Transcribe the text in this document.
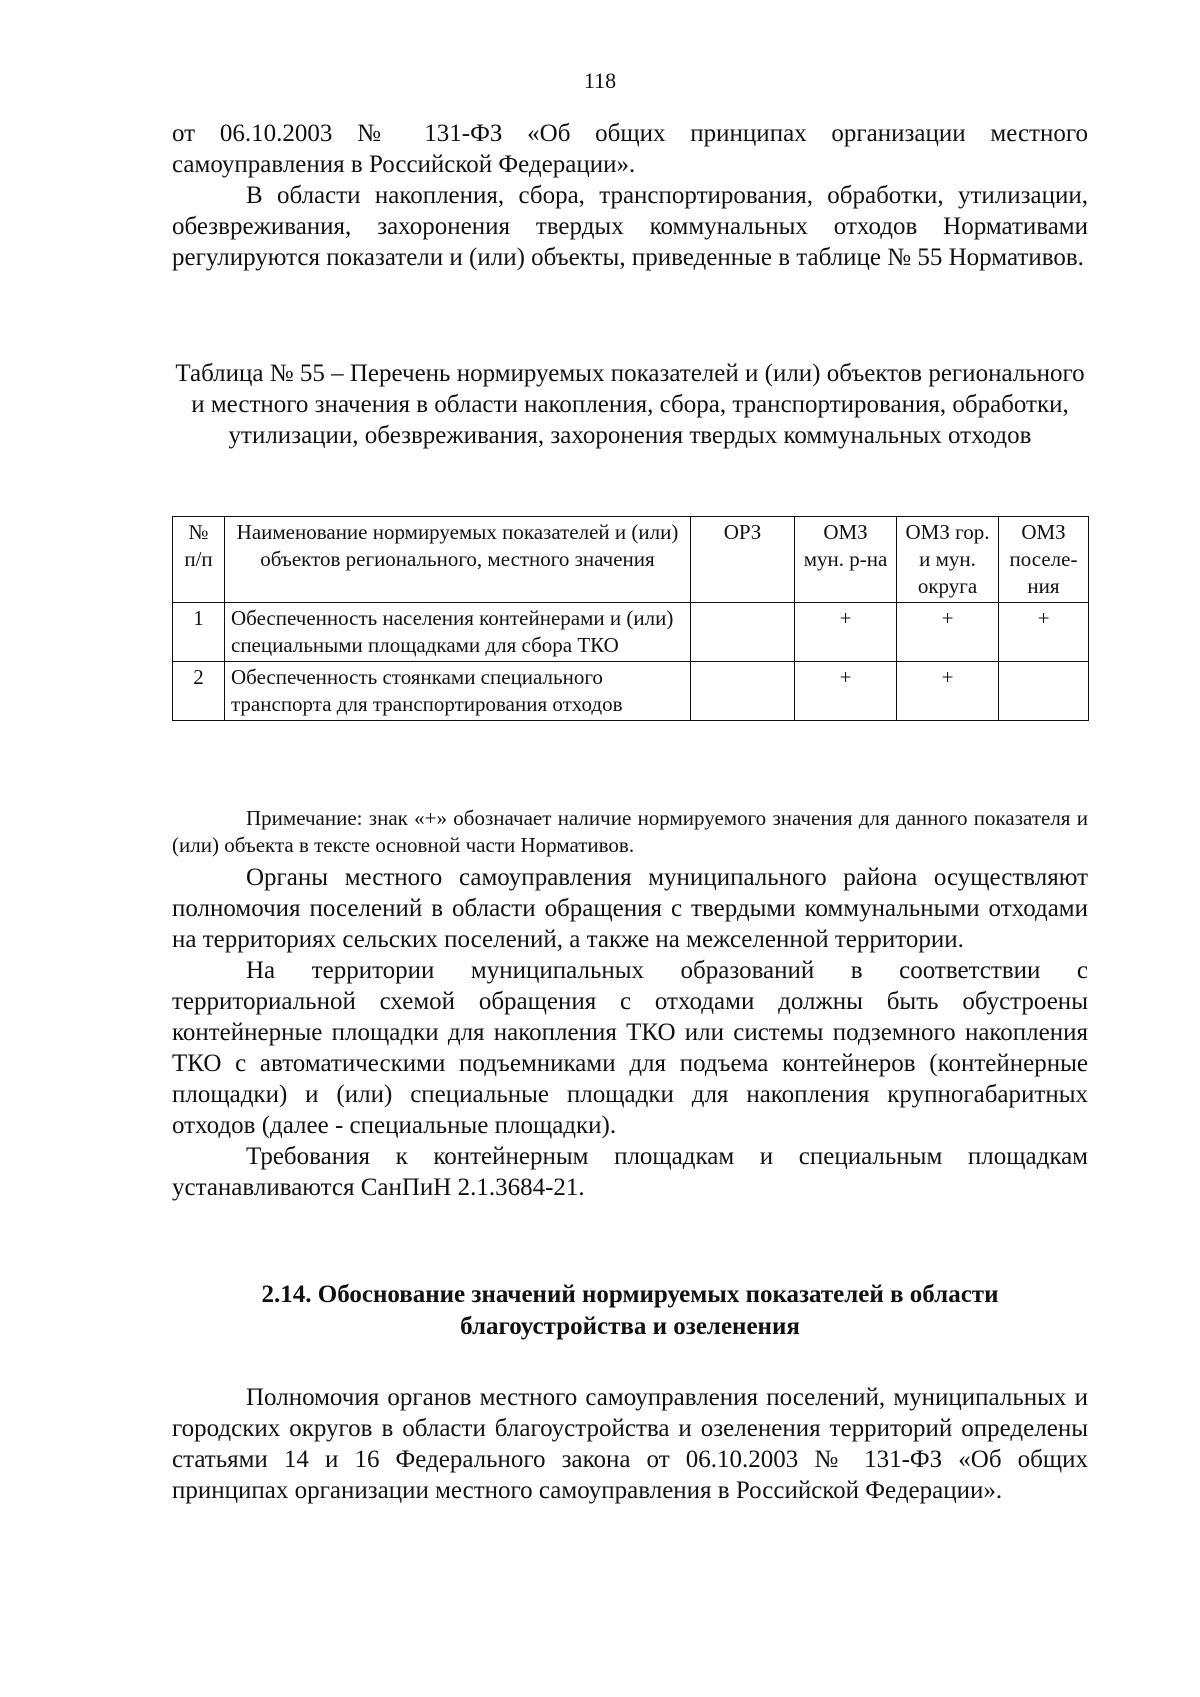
118

от 06.10.2003 № 131-ФЗ «Об общих принципах организации местного самоуправления в Российской Федерации».

В области накопления, сбора, транспортирования, обработки, утилизации, обезвреживания, захоронения твердых коммунальных отходов Нормативами регулируются показатели и (или) объекты, приведенные в таблице № 55 Нормативов.

Таблица № 55 – Перечень нормируемых показателей и (или) объектов регионального и местного значения в области накопления, сбора, транспортирования, обработки, утилизации, обезвреживания, захоронения твердых коммунальных отходов
№ п/п	Наименование нормируемых показателей и (или) объектов регионального, местного значения	ОРЗ	ОМЗ мун. р-на	ОМЗ гор. и мун. округа	ОМЗ поселе-ния
1	Обеспеченность населения контейнерами и (или) специальными площадками для сбора ТКО		+	+	+
2	Обеспеченность стоянками специального транспорта для транспортирования отходов		+	+	
Примечание: знак «+» обозначает наличие нормируемого значения для данного показателя и (или) объекта в тексте основной части Нормативов.

Органы местного самоуправления муниципального района осуществляют полномочия поселений в области обращения с твердыми коммунальными отходами на территориях сельских поселений, а также на межселенной территории.

На территории муниципальных образований в соответствии с территориальной схемой обращения с отходами должны быть обустроены контейнерные площадки для накопления ТКО или системы подземного накопления ТКО с автоматическими подъемниками для подъема контейнеров (контейнерные площадки) и (или) специальные площадки для накопления крупногабаритных отходов (далее - специальные площадки).

Требования к контейнерным площадкам и специальным площадкам устанавливаются СанПиН 2.1.3684-21.

2.14. Обоснование значений нормируемых показателей в области благоустройства и озеленения

Полномочия органов местного самоуправления поселений, муниципальных и городских округов в области благоустройства и озеленения территорий определены статьями 14 и 16 Федерального закона от 06.10.2003 № 131-ФЗ «Об общих принципах организации местного самоуправления в Российской Федерации».
